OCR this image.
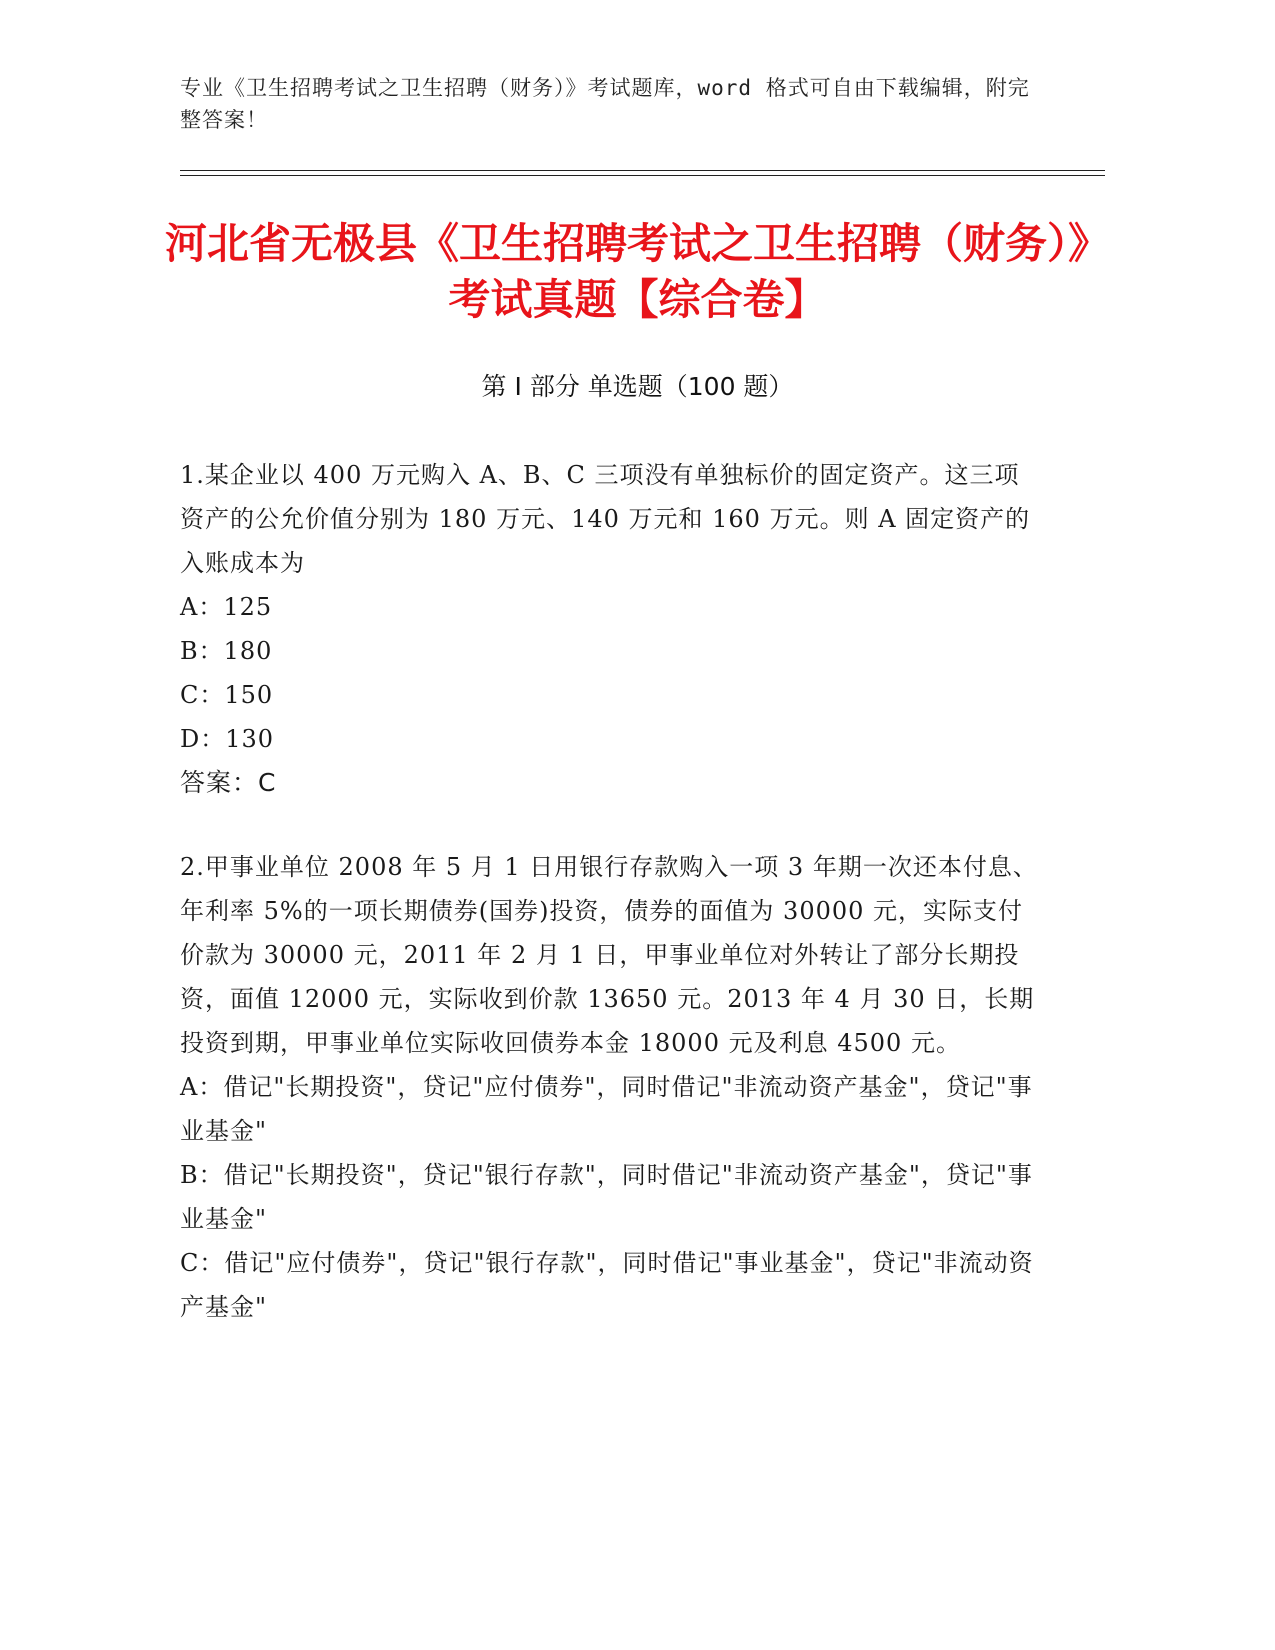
专业《卫生招聘考试之卫生招聘（财务）》考试题库，word 格式可自由下载编辑，附完整答案！
河北省无极县《卫生招聘考试之卫生招聘（财务）》考试真题【综合卷】
第 I 部分 单选题（100 题）

1.某企业以 400 万元购入 A、B、C 三项没有单独标价的固定资产。这三项资产的公允价值分别为 180 万元、140 万元和 160 万元。则 A 固定资产的入账成本为

A：125

B：180

C：150

D：130

答案：C

2.甲事业单位 2008 年 5 月 1 日用银行存款购入一项 3 年期一次还本付息、年利率 5%的一项长期债券(国券)投资，债券的面值为 30000 元，实际支付价款为 30000 元，2011 年 2 月 1 日，甲事业单位对外转让了部分长期投资，面值 12000 元，实际收到价款 13650 元。2013 年 4 月 30 日，长期投资到期，甲事业单位实际收回债券本金 18000 元及利息 4500 元。

A：借记"长期投资"，贷记"应付债券"，同时借记"非流动资产基金"，贷记"事业基金"

B：借记"长期投资"，贷记"银行存款"，同时借记"非流动资产基金"，贷记"事业基金"

C：借记"应付债券"，贷记"银行存款"，同时借记"事业基金"，贷记"非流动资产基金"
